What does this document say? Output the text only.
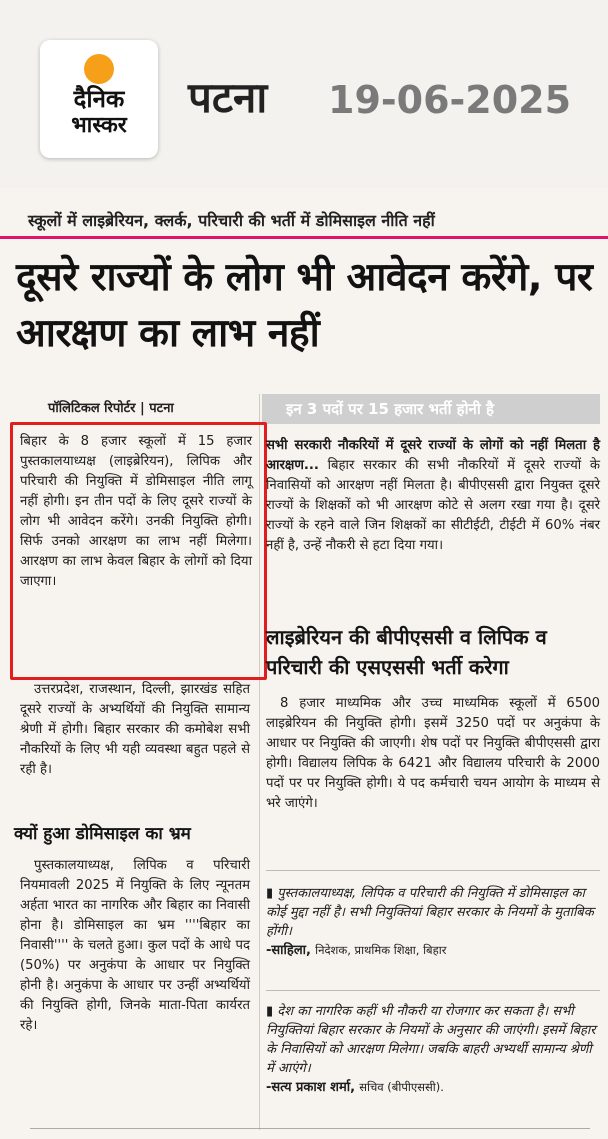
दैनिक
भास्कर
पटना 19-06-2025
स्कूलों में लाइब्रेरियन, क्लर्क, परिचारी की भर्ती में डोमिसाइल नीति नहीं
दूसरे राज्यों के लोग भी आवेदन करेंगे, पर आरक्षण का लाभ नहीं
पॉलिटिकल रिपोर्टर | पटना	इन 3 पदों पर 15 हजार भर्ती होनी है

बिहार के 8 हजार स्कूलों में 15 हजार पुस्तकालयाध्यक्ष (लाइब्रेरियन), लिपिक और परिचारी की नियुक्ति में डोमिसाइल नीति लागू नहीं होगी। इन तीन पदों के लिए दूसरे राज्यों के लोग भी आवेदन करेंगे। उनकी नियुक्ति होगी। सिर्फ उनको आरक्षण का लाभ नहीं मिलेगा। आरक्षण का लाभ केवल बिहार के लोगों को दिया जाएगा।

उत्तरप्रदेश, राजस्थान, दिल्ली, झारखंड सहित दूसरे राज्यों के अभ्यर्थियों की नियुक्ति सामान्य श्रेणी में होगी। बिहार सरकार की कमोबेश सभी नौकरियों के लिए भी यही व्यवस्था बहुत पहले से रही है।

क्यों हुआ डोमिसाइल का भ्रम

पुस्तकालयाध्यक्ष, लिपिक व परिचारी नियमावली 2025 में नियुक्ति के लिए न्यूनतम अर्हता भारत का नागरिक और बिहार का निवासी होना है। डोमिसाइल का भ्रम ''''बिहार का निवासी'''' के चलते हुआ। कुल पदों के आधे पद (50%) पर अनुकंपा के आधार पर नियुक्ति होनी है। अनुकंपा के आधार पर उन्हीं अभ्यर्थियों की नियुक्ति होगी, जिनके माता-पिता कार्यरत रहे।

सभी सरकारी नौकरियों में दूसरे राज्यों के लोगों को नहीं मिलता है आरक्षण... बिहार सरकार की सभी नौकरियों में दूसरे राज्यों के निवासियों को आरक्षण नहीं मिलता है। बीपीएससी द्वारा नियुक्त दूसरे राज्यों के शिक्षकों को भी आरक्षण कोटे से अलग रखा गया है। दूसरे राज्यों के रहने वाले जिन शिक्षकों का सीटीईटी, टीईटी में 60% नंबर नहीं है, उन्हें नौकरी से हटा दिया गया।

लाइब्रेरियन की बीपीएससी व लिपिक व परिचारी की एसएससी भर्ती करेगा

8 हजार माध्यमिक और उच्च माध्यमिक स्कूलों में 6500 लाइब्रेरियन की नियुक्ति होगी। इसमें 3250 पदों पर अनुकंपा के आधार पर नियुक्ति की जाएगी। शेष पदों पर नियुक्ति बीपीएससी द्वारा होगी। विद्यालय लिपिक के 6421 और विद्यालय परिचारी के 2000 पदों पर पर नियुक्ति होगी। ये पद कर्मचारी चयन आयोग के माध्यम से भरे जाएंगे।

▮ पुस्तकालयाध्यक्ष, लिपिक व परिचारी की नियुक्ति में डोमिसाइल का कोई मुद्दा नहीं है। सभी नियुक्तियां बिहार सरकार के नियमों के मुताबिक होंगी।
-साहिला, निदेशक, प्राथमिक शिक्षा, बिहार
▮ देश का नागरिक कहीं भी नौकरी या रोजगार कर सकता है। सभी नियुक्तियां बिहार सरकार के नियमों के अनुसार की जाएंगी। इसमें बिहार के निवासियों को आरक्षण मिलेगा। जबकि बाहरी अभ्यर्थी सामान्य श्रेणी में आएंगे।
-सत्य प्रकाश शर्मा, सचिव (बीपीएससी).
